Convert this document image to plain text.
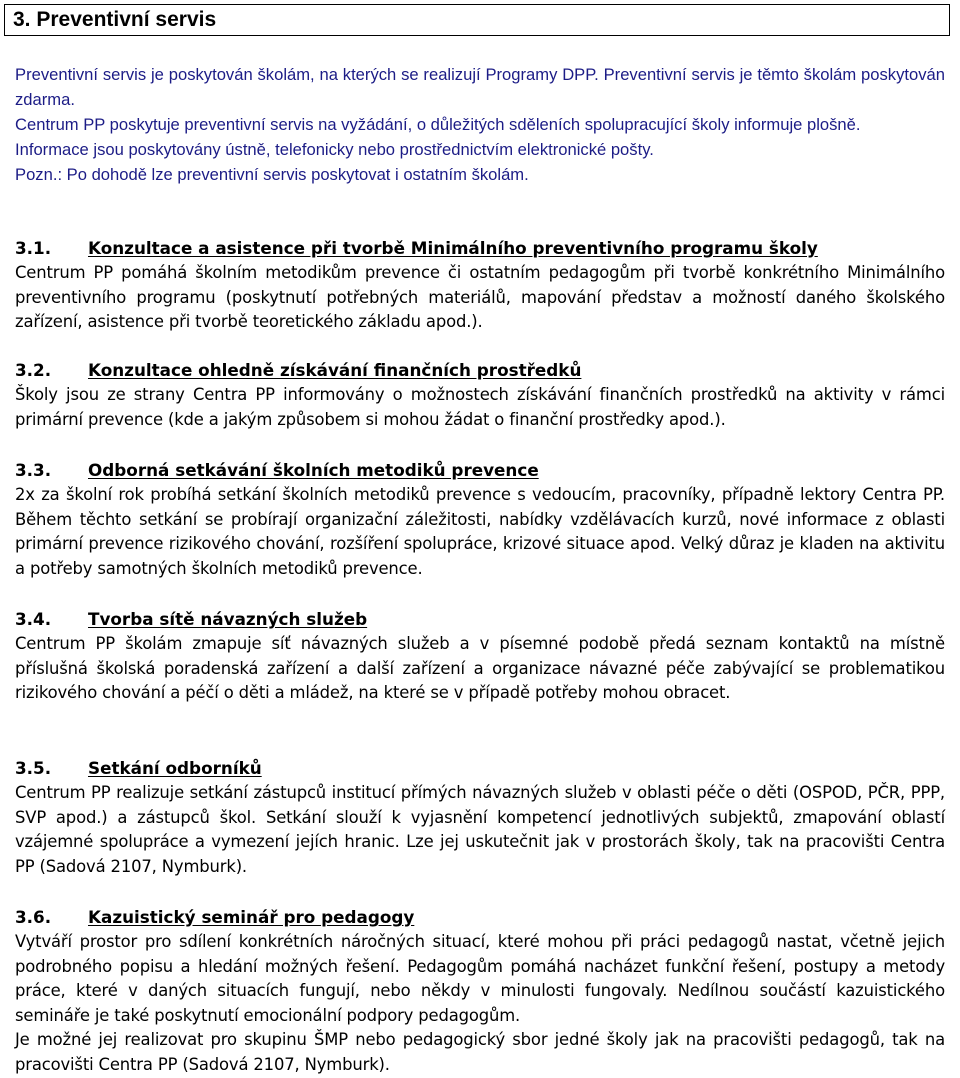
3. Preventivní servis

Preventivní servis je poskytován školám, na kterých se realizují Programy DPP. Preventivní servis je těmto školám poskytován zdarma.

Centrum PP poskytuje preventivní servis na vyžádání, o důležitých sděleních spolupracující školy informuje plošně.

Informace jsou poskytovány ústně, telefonicky nebo prostřednictvím elektronické pošty.

Pozn.: Po dohodě lze preventivní servis poskytovat i ostatním školám.

3.1. Konzultace a asistence při tvorbě Minimálního preventivního programu školy

Centrum PP pomáhá školním metodikům prevence či ostatním pedagogům při tvorbě konkrétního Minimálního preventivního programu (poskytnutí potřebných materiálů, mapování představ a možností daného školského zařízení, asistence při tvorbě teoretického základu apod.).

3.2. Konzultace ohledně získávání finančních prostředků

Školy jsou ze strany Centra PP informovány o možnostech získávání finančních prostředků na aktivity v rámci primární prevence (kde a jakým způsobem si mohou žádat o finanční prostředky apod.).

3.3. Odborná setkávání školních metodiků prevence

2x za školní rok probíhá setkání školních metodiků prevence s vedoucím, pracovníky, případně lektory Centra PP. Během těchto setkání se probírají organizační záležitosti, nabídky vzdělávacích kurzů, nové informace z oblasti primární prevence rizikového chování, rozšíření spolupráce, krizové situace apod. Velký důraz je kladen na aktivitu a potřeby samotných školních metodiků prevence.

3.4. Tvorba sítě návazných služeb

Centrum PP školám zmapuje síť návazných služeb a v písemné podobě předá seznam kontaktů na místně příslušná školská poradenská zařízení a další zařízení a organizace návazné péče zabývající se problematikou rizikového chování a péčí o děti a mládež, na které se v případě potřeby mohou obracet.

3.5. Setkání odborníků

Centrum PP realizuje setkání zástupců institucí přímých návazných služeb v oblasti péče o děti (OSPOD, PČR, PPP, SVP apod.) a zástupců škol. Setkání slouží k vyjasnění kompetencí jednotlivých subjektů, zmapování oblastí vzájemné spolupráce a vymezení jejích hranic. Lze jej uskutečnit jak v prostorách školy, tak na pracovišti Centra PP (Sadová 2107, Nymburk).

3.6. Kazuistický seminář pro pedagogy

Vytváří prostor pro sdílení konkrétních náročných situací, které mohou při práci pedagogů nastat, včetně jejich podrobného popisu a hledání možných řešení. Pedagogům pomáhá nacházet funkční řešení, postupy a metody práce, které v daných situacích fungují, nebo někdy v minulosti fungovaly. Nedílnou součástí kazuistického semináře je také poskytnutí emocionální podpory pedagogům.

Je možné jej realizovat pro skupinu ŠMP nebo pedagogický sbor jedné školy jak na pracovišti pedagogů, tak na pracovišti Centra PP (Sadová 2107, Nymburk).
